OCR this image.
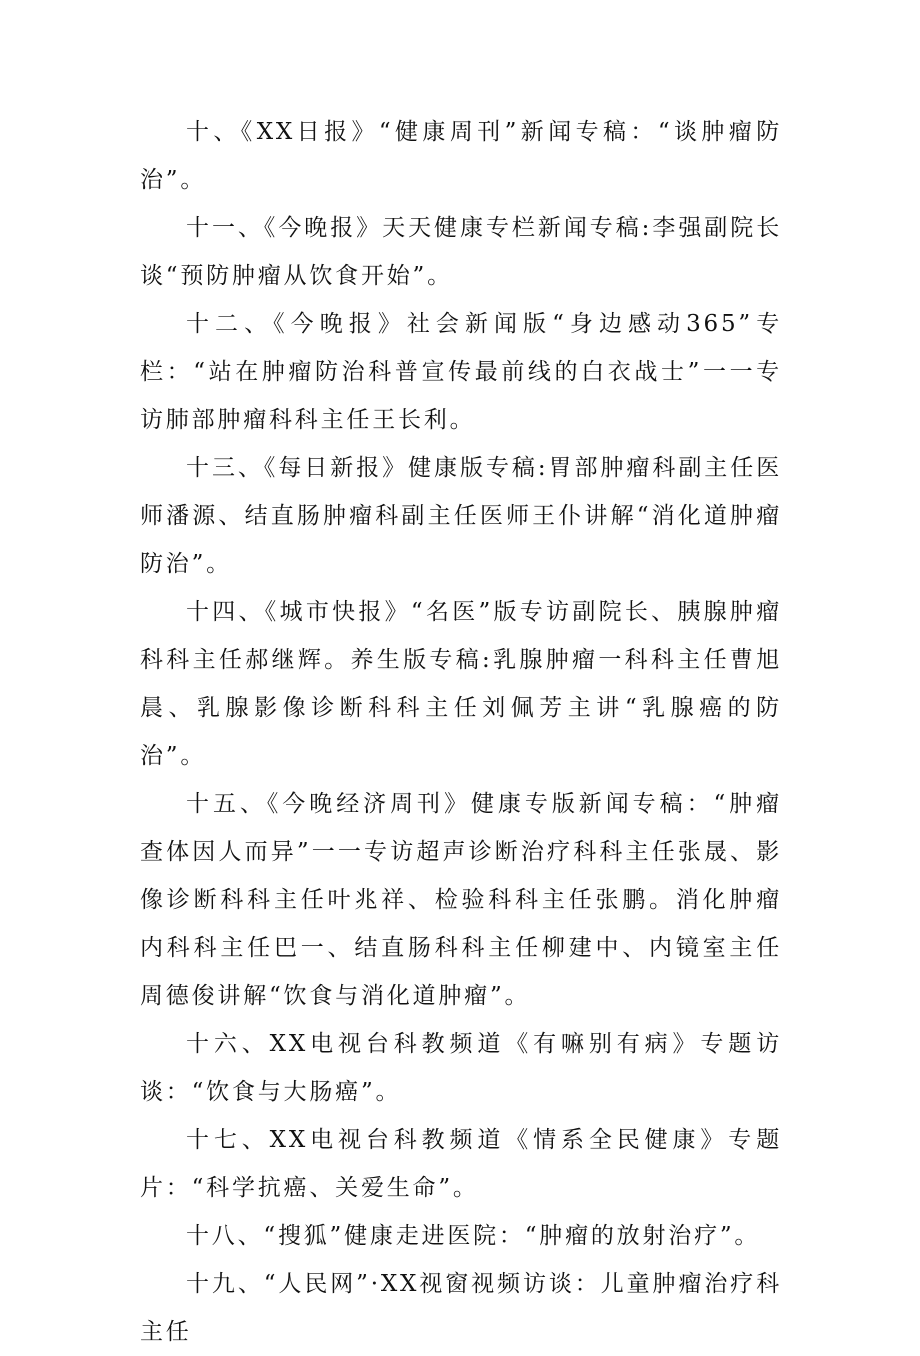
十、《XX日报》“健康周刊”新闻专稿：“谈肿瘤防治”。

十一、《今晚报》天天健康专栏新闻专稿:李强副院长谈“预防肿瘤从饮食开始”。

十二、《今晚报》社会新闻版“身边感动365”专栏：“站在肿瘤防治科普宣传最前线的白衣战士”一一专访肺部肿瘤科科主任王长利。

十三、《每日新报》健康版专稿:胃部肿瘤科副主任医师潘源、结直肠肿瘤科副主任医师王仆讲解“消化道肿瘤防治”。

十四、《城市快报》“名医”版专访副院长、胰腺肿瘤科科主任郝继辉。养生版专稿:乳腺肿瘤一科科主任曹旭晨、乳腺影像诊断科科主任刘佩芳主讲“乳腺癌的防治”。

十五、《今晚经济周刊》健康专版新闻专稿：“肿瘤查体因人而异”一一专访超声诊断治疗科科主任张晟、影像诊断科科主任叶兆祥、检验科科主任张鹏。消化肿瘤内科科主任巴一、结直肠科科主任柳建中、内镜室主任周德俊讲解“饮食与消化道肿瘤”。

十六、XX电视台科教频道《有嘛别有病》专题访谈：“饮食与大肠癌”。

十七、XX电视台科教频道《情系全民健康》专题片：“科学抗癌、关爱生命”。

十八、“搜狐”健康走进医院：“肿瘤的放射治疗”。

十九、“人民网”·XX视窗视频访谈：儿童肿瘤治疗科主任
